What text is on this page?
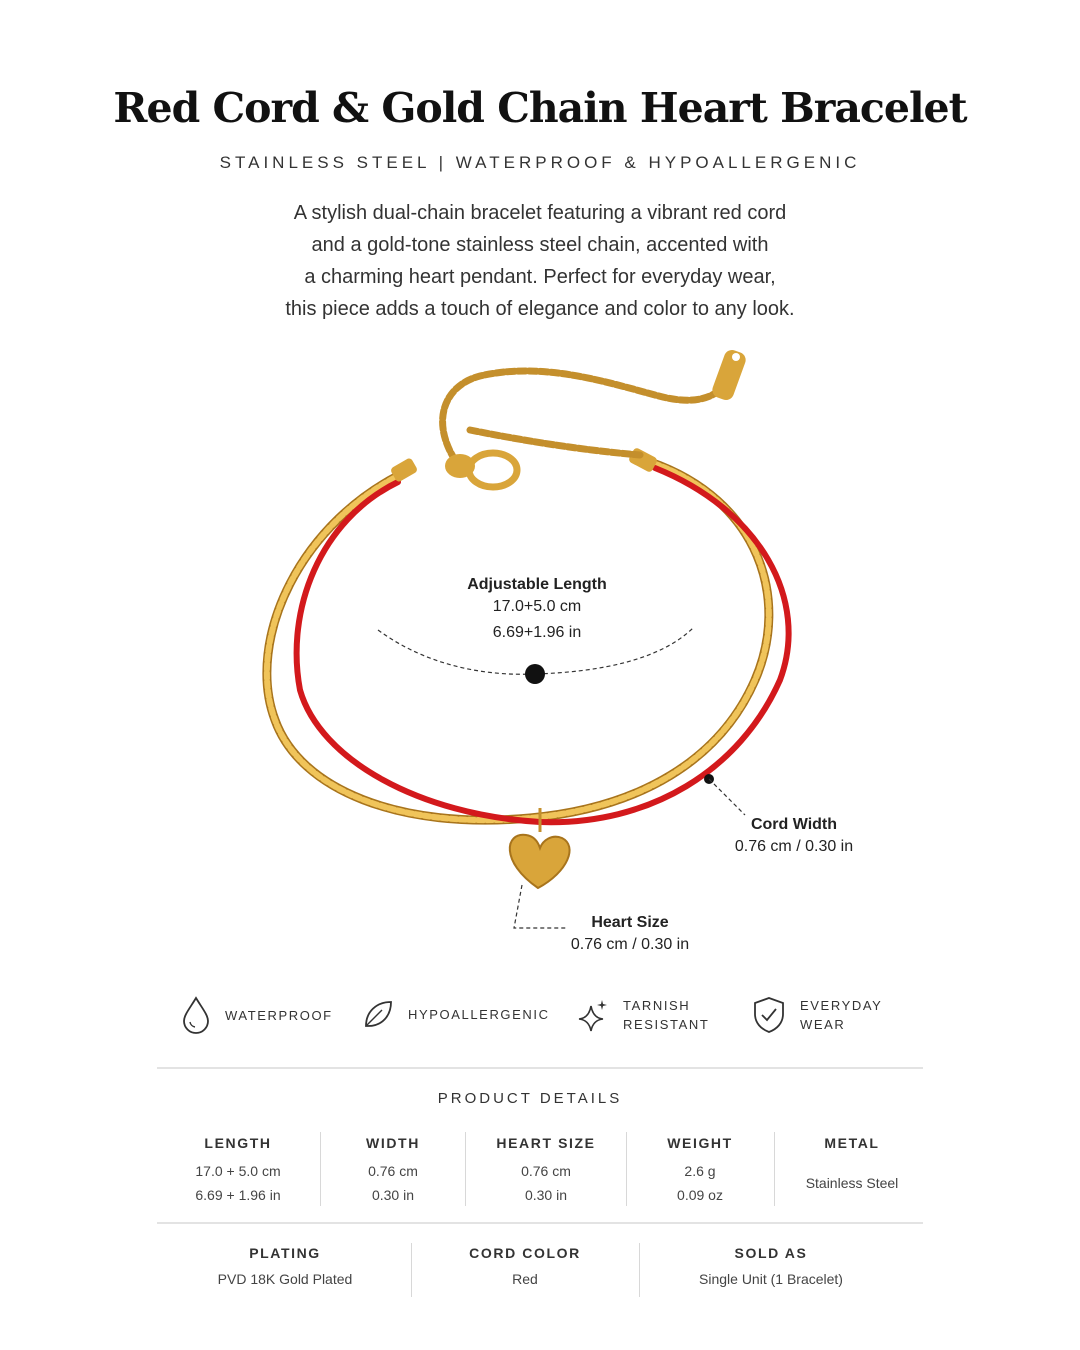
Red Cord & Gold Chain Heart Bracelet
STAINLESS STEEL | WATERPROOF & HYPOALLERGENIC
A stylish dual-chain bracelet featuring a vibrant red cord
and a gold-tone stainless steel chain, accented with
a charming heart pendant. Perfect for everyday wear,
this piece adds a touch of elegance and color to any look.
Adjustable Length
17.0+5.0 cm
6.69+1.96 in
Cord Width
0.76 cm / 0.30 in
Heart Size
0.76 cm / 0.30 in
WATERPROOF	HYPOALLERGENIC
TARNISH
RESISTANT
EVERYDAY
WEAR
PRODUCT DETAILS
LENGTH
17.0 + 5.0 cm
6.69 + 1.96 in
WIDTH
0.76 cm
0.30 in
HEART SIZE
0.76 cm
0.30 in
WEIGHT
2.6 g
0.09 oz
METAL
Stainless Steel
PLATING
PVD 18K Gold Plated
CORD COLOR
Red
SOLD AS
Single Unit (1 Bracelet)
